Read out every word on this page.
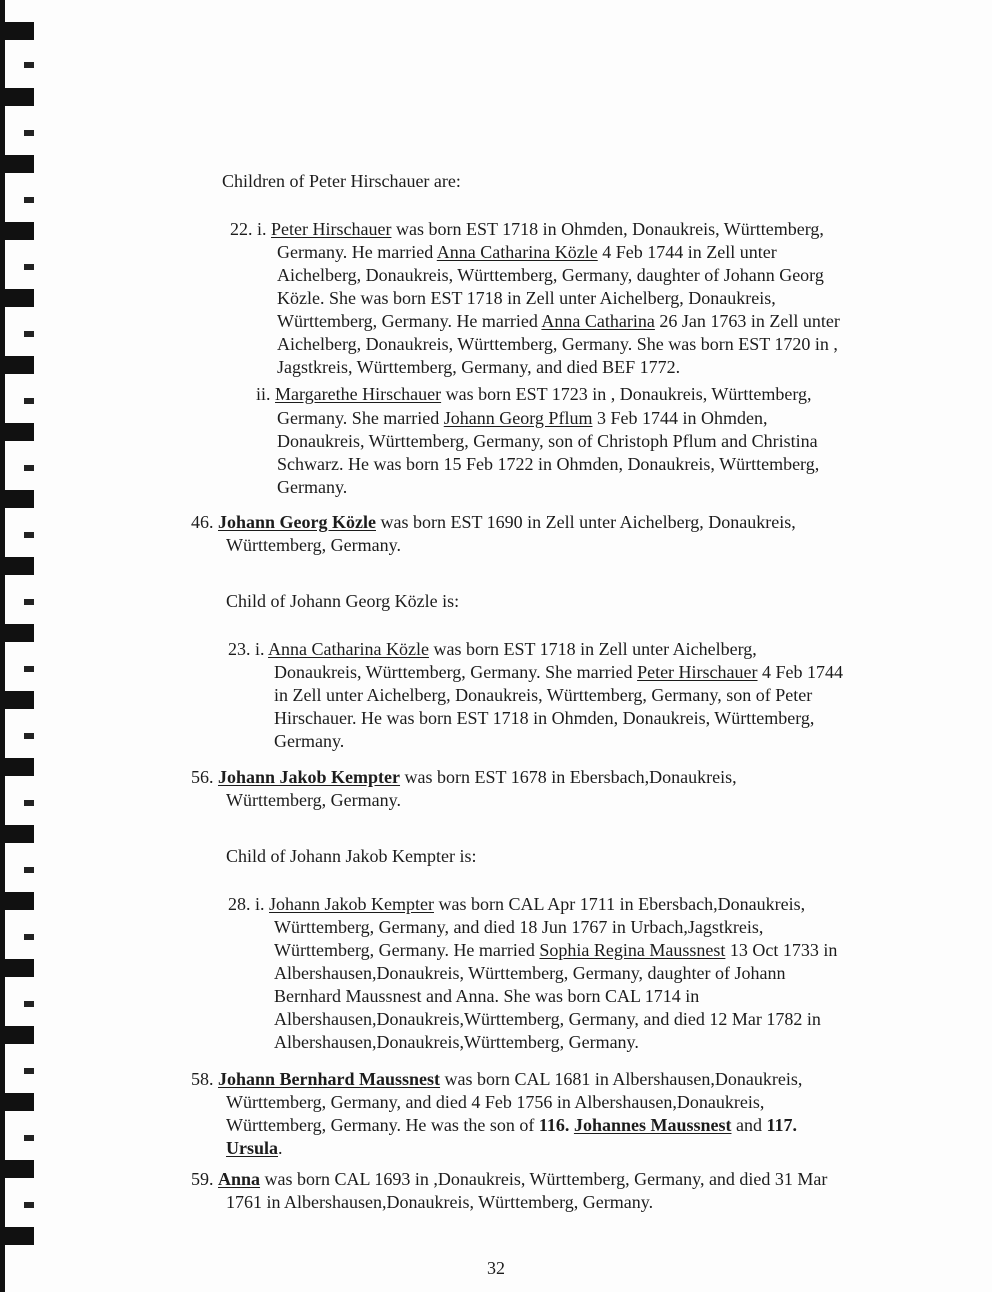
Children of Peter Hirschauer are:
22. i. Peter Hirschauer was born EST 1718 in Ohmden, Donaukreis, Württemberg,
Germany. He married Anna Catharina Közle 4 Feb 1744 in Zell unter
Aichelberg, Donaukreis, Württemberg, Germany, daughter of Johann Georg
Közle. She was born EST 1718 in Zell unter Aichelberg, Donaukreis,
Württemberg, Germany. He married Anna Catharina 26 Jan 1763 in Zell unter
Aichelberg, Donaukreis, Württemberg, Germany. She was born EST 1720 in ,
Jagstkreis, Württemberg, Germany, and died BEF 1772.
ii. Margarethe Hirschauer was born EST 1723 in , Donaukreis, Württemberg,
Germany. She married Johann Georg Pflum 3 Feb 1744 in Ohmden,
Donaukreis, Württemberg, Germany, son of Christoph Pflum and Christina
Schwarz. He was born 15 Feb 1722 in Ohmden, Donaukreis, Württemberg,
Germany.
46. Johann Georg Közle was born EST 1690 in Zell unter Aichelberg, Donaukreis,
Württemberg, Germany.
Child of Johann Georg Közle is:
23. i. Anna Catharina Közle was born EST 1718 in Zell unter Aichelberg,
Donaukreis, Württemberg, Germany. She married Peter Hirschauer 4 Feb 1744
in Zell unter Aichelberg, Donaukreis, Württemberg, Germany, son of Peter
Hirschauer. He was born EST 1718 in Ohmden, Donaukreis, Württemberg,
Germany.
56. Johann Jakob Kempter was born EST 1678 in Ebersbach,Donaukreis,
Württemberg, Germany.
Child of Johann Jakob Kempter is:
28. i. Johann Jakob Kempter was born CAL Apr 1711 in Ebersbach,Donaukreis,
Württemberg, Germany, and died 18 Jun 1767 in Urbach,Jagstkreis,
Württemberg, Germany. He married Sophia Regina Maussnest 13 Oct 1733 in
Albershausen,Donaukreis, Württemberg, Germany, daughter of Johann
Bernhard Maussnest and Anna. She was born CAL 1714 in
Albershausen,Donaukreis,Württemberg, Germany, and died 12 Mar 1782 in
Albershausen,Donaukreis,Württemberg, Germany.
58. Johann Bernhard Maussnest was born CAL 1681 in Albershausen,Donaukreis,
Württemberg, Germany, and died 4 Feb 1756 in Albershausen,Donaukreis,
Württemberg, Germany. He was the son of 116. Johannes Maussnest and 117.
Ursula.
59. Anna was born CAL 1693 in ,Donaukreis, Württemberg, Germany, and died 31 Mar
1761 in Albershausen,Donaukreis, Württemberg, Germany.
32
